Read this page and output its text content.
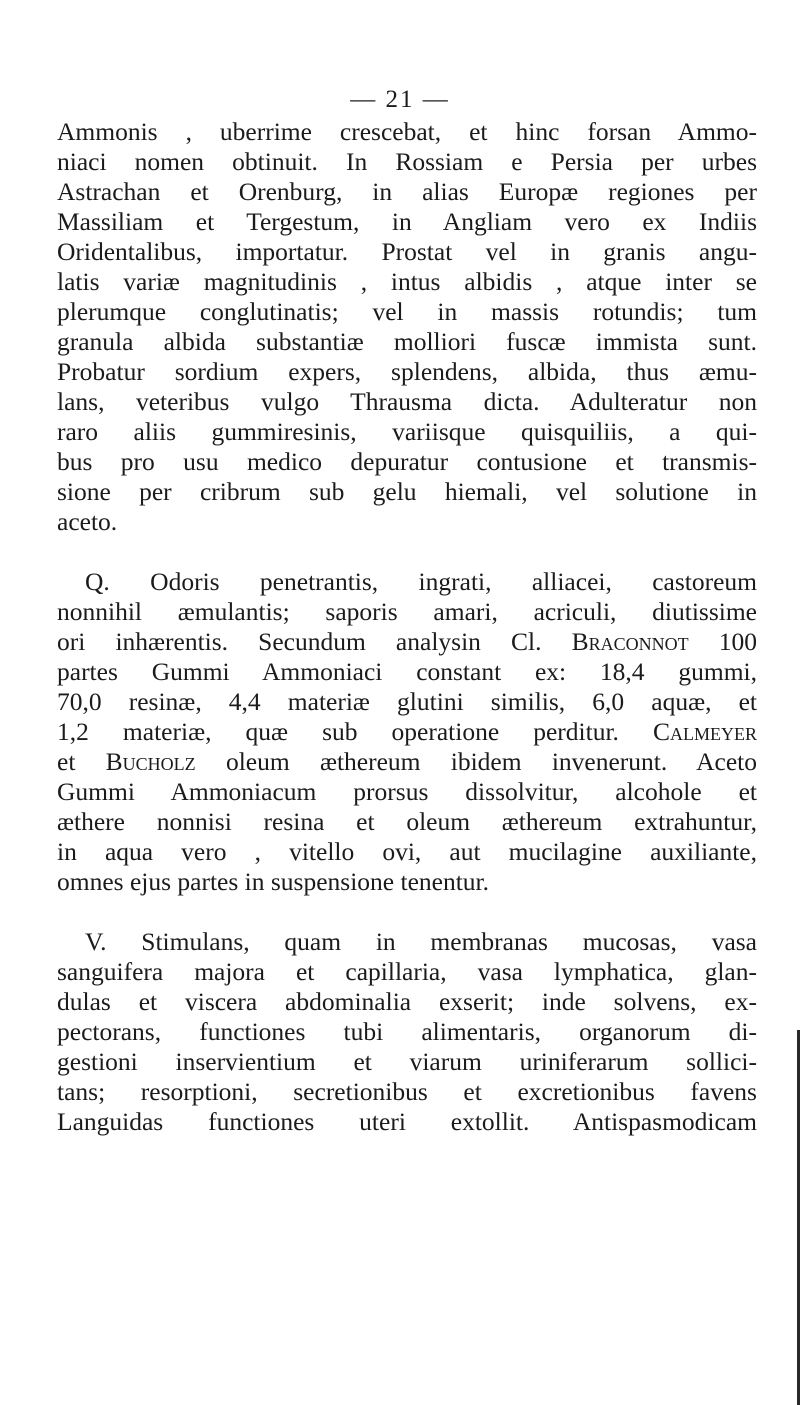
— 21 —
Ammonis , uberrime crescebat, et hinc forsan Ammo-
niaci nomen obtinuit. In Rossiam e Persia per urbes
Astrachan et Orenburg, in alias Europæ regiones per
Massiliam et Tergestum, in Angliam vero ex Indiis
Oridentalibus, importatur. Prostat vel in granis angu-
latis variæ magnitudinis , intus albidis , atque inter se
plerumque conglutinatis; vel in massis rotundis; tum
granula albida substantiæ molliori fuscæ immista sunt.
Probatur sordium expers, splendens, albida, thus æmu-
lans, veteribus vulgo Thrausma dicta. Adulteratur non
raro aliis gummiresinis, variisque quisquiliis, a qui-
bus pro usu medico depuratur contusione et transmis-
sione per cribrum sub gelu hiemali, vel solutione in
aceto.
Q. Odoris penetrantis, ingrati, alliacei, castoreum
nonnihil æmulantis; saporis amari, acriculi, diutissime
ori inhærentis. Secundum analysin Cl. Braconnot 100
partes Gummi Ammoniaci constant ex: 18,4 gummi,
70,0 resinæ, 4,4 materiæ glutini similis, 6,0 aquæ, et
1,2 materiæ, quæ sub operatione perditur. Calmeyer
et Bucholz oleum æthereum ibidem invenerunt. Aceto
Gummi Ammoniacum prorsus dissolvitur, alcohole et
æthere nonnisi resina et oleum æthereum extrahuntur,
in aqua vero , vitello ovi, aut mucilagine auxiliante,
omnes ejus partes in suspensione tenentur.
V. Stimulans, quam in membranas mucosas, vasa
sanguifera majora et capillaria, vasa lymphatica, glan-
dulas et viscera abdominalia exserit; inde solvens, ex-
pectorans, functiones tubi alimentaris, organorum di-
gestioni inservientium et viarum uriniferarum sollici-
tans; resorptioni, secretionibus et excretionibus favens
Languidas functiones uteri extollit. Antispasmodicam
